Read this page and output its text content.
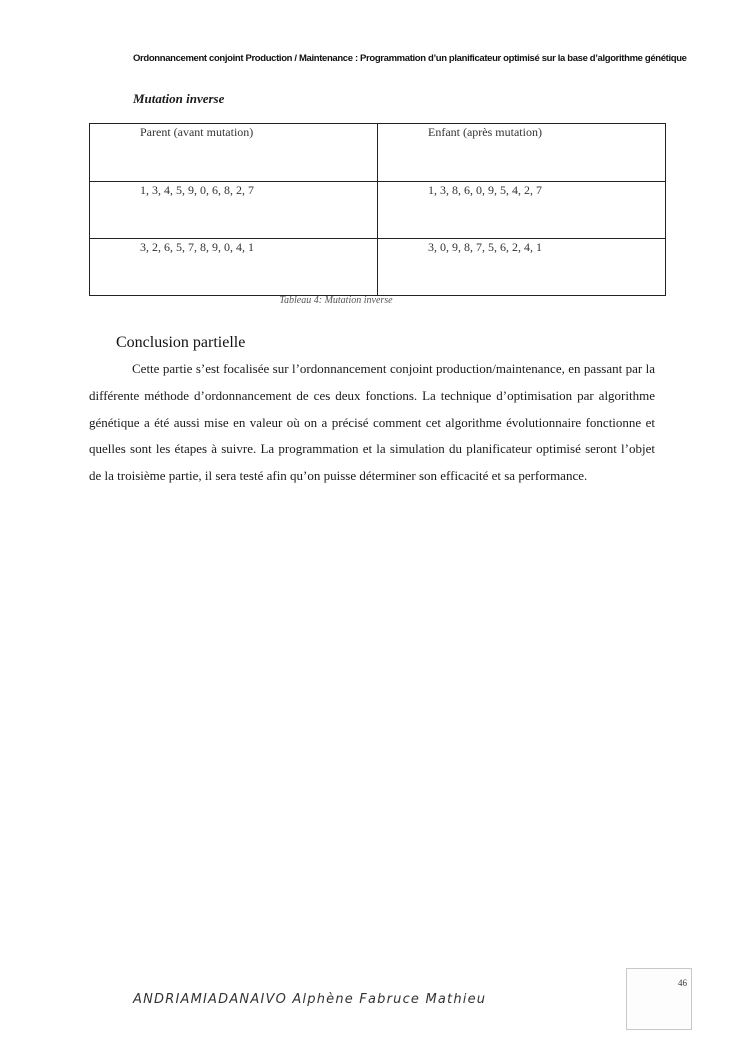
Ordonnancement conjoint Production / Maintenance : Programmation d’un planificateur optimisé sur la base d’algorithme génétique
Mutation inverse
Parent (avant mutation)	Enfant (après mutation)
1, 3, 4, 5, 9, 0, 6, 8, 2, 7	1, 3, 8, 6, 0, 9, 5, 4, 2, 7
3, 2, 6, 5, 7, 8, 9, 0, 4, 1	3, 0, 9, 8, 7, 5, 6, 2, 4, 1
Tableau 4: Mutation inverse
Conclusion partielle

Cette partie s’est focalisée sur l’ordonnancement conjoint production/maintenance, en passant par la différente méthode d’ordonnancement de ces deux fonctions. La technique d’optimisation par algorithme génétique a été aussi mise en valeur où on a précisé comment cet algorithme évolutionnaire fonctionne et quelles sont les étapes à suivre. La programmation et la simulation du planificateur optimisé seront l’objet de la troisième partie, il sera testé afin qu’on puisse déterminer son efficacité et sa performance.

ANDRIAMIADANAIVO Alphène Fabruce Mathieu
46
